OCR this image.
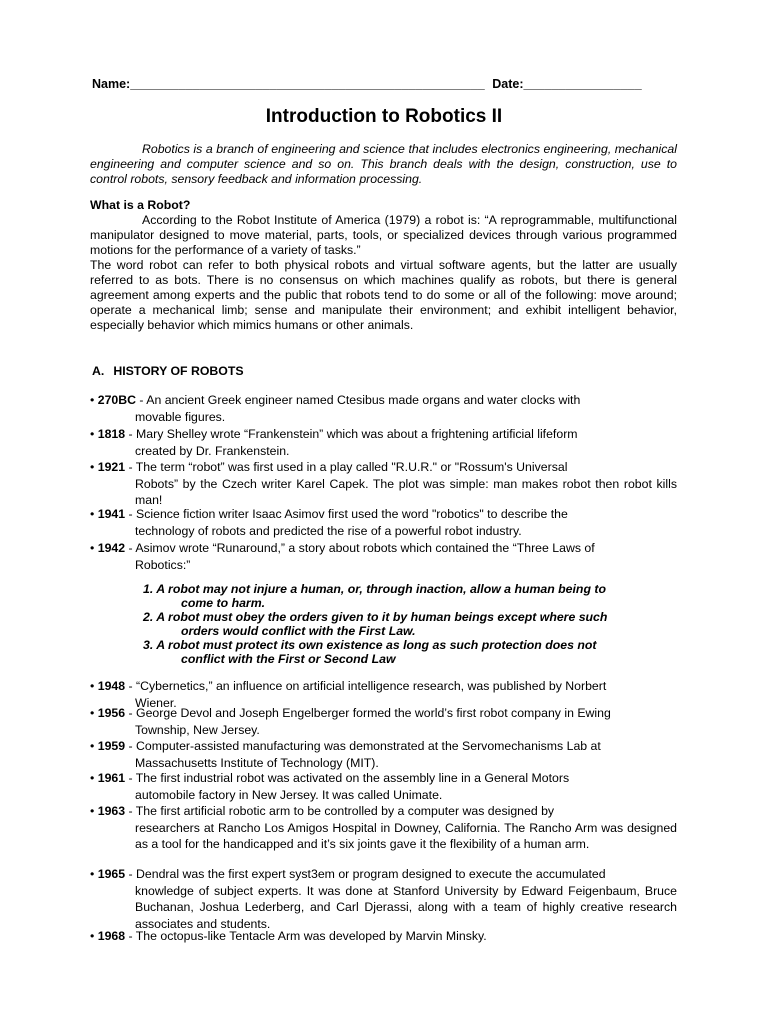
Name:___________________________________________________ Date:_________________
Introduction to Robotics II

Robotics is a branch of engineering and science that includes electronics engineering, mechanical engineering and computer science and so on. This branch deals with the design, construction, use to control robots, sensory feedback and information processing.

What is a Robot?

According to the Robot Institute of America (1979) a robot is: “A reprogrammable, multifunctional manipulator designed to move material, parts, tools, or specialized devices through various programmed motions for the performance of a variety of tasks.”

The word robot can refer to both physical robots and virtual software agents, but the latter are usually referred to as bots. There is no consensus on which machines qualify as robots, but there is general agreement among experts and the public that robots tend to do some or all of the following: move around; operate a mechanical limb; sense and manipulate their environment; and exhibit intelligent behavior, especially behavior which mimics humans or other animals.

A. HISTORY OF ROBOTS
• 270BC - An ancient Greek engineer named Ctesibus made organs and water clocks with
movable figures.
• 1818 - Mary Shelley wrote “Frankenstein” which was about a frightening artificial lifeform
created by Dr. Frankenstein.
• 1921 - The term “robot” was first used in a play called "R.U.R." or "Rossum's Universal
Robots” by the Czech writer Karel Capek. The plot was simple: man makes robot then robot kills man!
• 1941 - Science fiction writer Isaac Asimov first used the word "robotics" to describe the
technology of robots and predicted the rise of a powerful robot industry.
• 1942 - Asimov wrote “Runaround,” a story about robots which contained the “Three Laws of
Robotics:”
1. A robot may not injure a human, or, through inaction, allow a human being to
come to harm.
2. A robot must obey the orders given to it by human beings except where such
orders would conflict with the First Law.
3. A robot must protect its own existence as long as such protection does not
conflict with the First or Second Law
• 1948 - “Cybernetics,” an influence on artificial intelligence research, was published by Norbert
Wiener.
• 1956 - George Devol and Joseph Engelberger formed the world’s first robot company in Ewing
Township, New Jersey.
• 1959 - Computer-assisted manufacturing was demonstrated at the Servomechanisms Lab at
Massachusetts Institute of Technology (MIT).
• 1961 - The first industrial robot was activated on the assembly line in a General Motors
automobile factory in New Jersey. It was called Unimate.
• 1963 - The first artificial robotic arm to be controlled by a computer was designed by
researchers at Rancho Los Amigos Hospital in Downey, California. The Rancho Arm was designed as a tool for the handicapped and it’s six joints gave it the flexibility of a human arm.
• 1965 - Dendral was the first expert syst3em or program designed to execute the accumulated
knowledge of subject experts. It was done at Stanford University by Edward Feigenbaum, Bruce Buchanan, Joshua Lederberg, and Carl Djerassi, along with a team of highly creative research associates and students.
• 1968 - The octopus-like Tentacle Arm was developed by Marvin Minsky.
